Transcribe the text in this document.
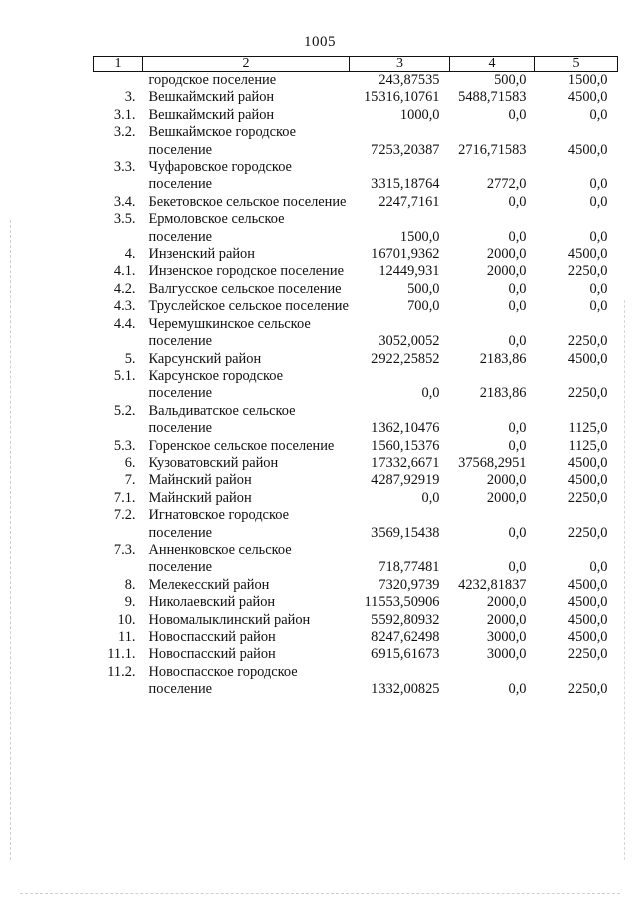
1005
1	2	3	4	5
	городское поселение	243,87535	500,0	1500,0
3.	Вешкаймский район	15316,10761	5488,71583	4500,0
3.1.	Вешкаймский район	1000,0	0,0	0,0
3.2.	Вешкаймское городское поселение	7253,20387	2716,71583	4500,0
3.3.	Чуфаровское городское поселение	3315,18764	2772,0	0,0
3.4.	Бекетовское сельское поселение	2247,7161	0,0	0,0
3.5.	Ермоловское сельское поселение	1500,0	0,0	0,0
4.	Инзенский район	16701,9362	2000,0	4500,0
4.1.	Инзенское городское поселение	12449,931	2000,0	2250,0
4.2.	Валгусское сельское поселение	500,0	0,0	0,0
4.3.	Труслейское сельское поселение	700,0	0,0	0,0
4.4.	Черемушкинское сельское поселение	3052,0052	0,0	2250,0
5.	Карсунский район	2922,25852	2183,86	4500,0
5.1.	Карсунское городское поселение	0,0	2183,86	2250,0
5.2.	Вальдиватское сельское поселение	1362,10476	0,0	1125,0
5.3.	Горенское сельское поселение	1560,15376	0,0	1125,0
6.	Кузоватовский район	17332,6671	37568,2951	4500,0
7.	Майнский район	4287,92919	2000,0	4500,0
7.1.	Майнский район	0,0	2000,0	2250,0
7.2.	Игнатовское городское поселение	3569,15438	0,0	2250,0
7.3.	Анненковское сельское поселение	718,77481	0,0	0,0
8.	Мелекесский район	7320,9739	4232,81837	4500,0
9.	Николаевский район	11553,50906	2000,0	4500,0
10.	Новомалыклинский район	5592,80932	2000,0	4500,0
11.	Новоспасский район	8247,62498	3000,0	4500,0
11.1.	Новоспасский район	6915,61673	3000,0	2250,0
11.2.	Новоспасское городское поселение	1332,00825	0,0	2250,0
